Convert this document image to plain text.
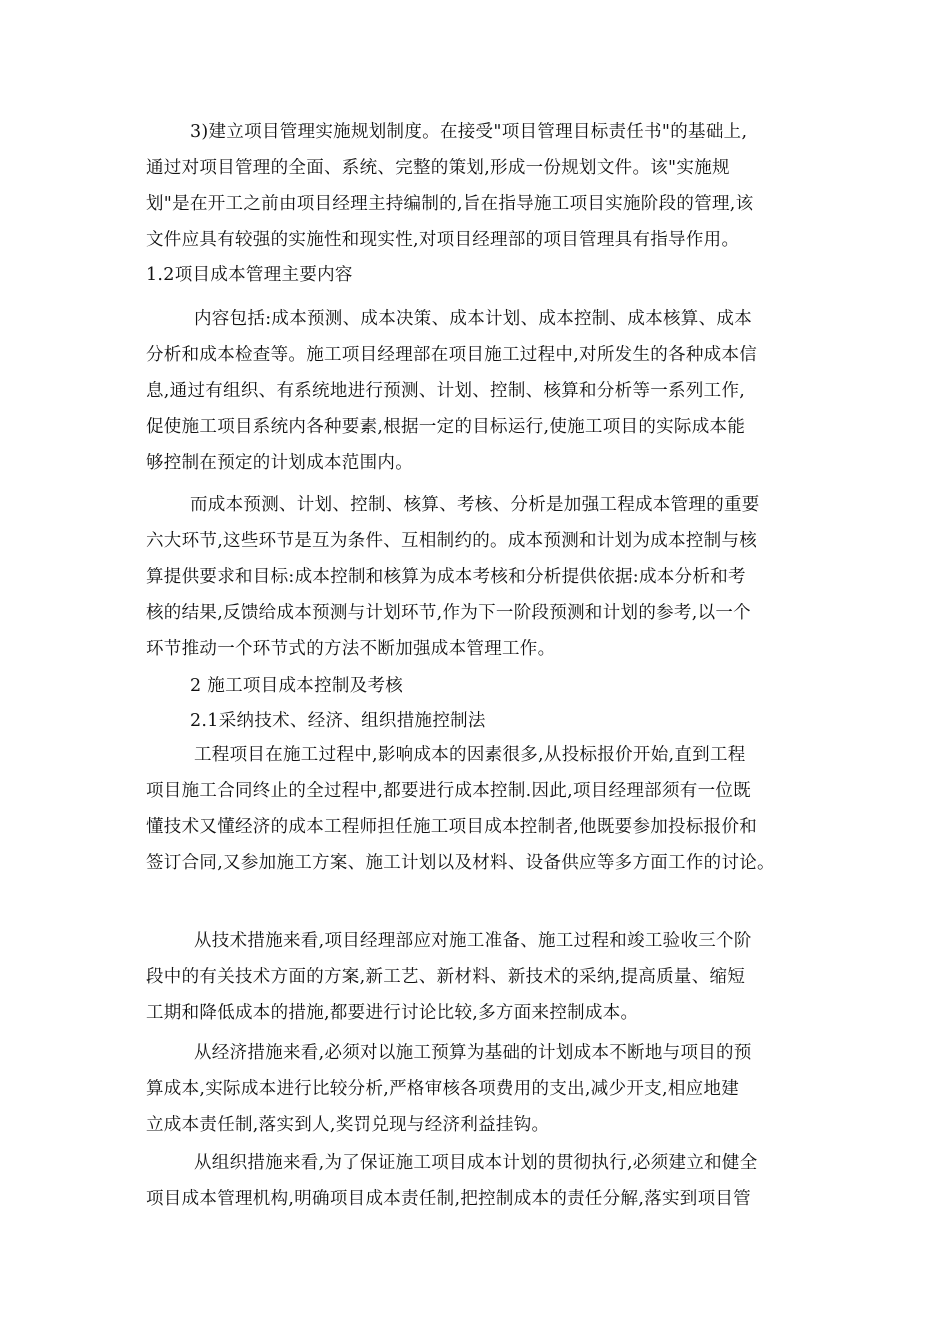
3)建立项目管理实施规划制度。在接受"项目管理目标责任书"的基础上,
通过对项目管理的全面、系统、完整的策划,形成一份规划文件。该"实施规
划"是在开工之前由项目经理主持编制的,旨在指导施工项目实施阶段的管理,该
文件应具有较强的实施性和现实性,对项目经理部的项目管理具有指导作用。
1.2项目成本管理主要内容
内容包括:成本预测、成本决策、成本计划、成本控制、成本核算、成本
分析和成本检查等。施工项目经理部在项目施工过程中,对所发生的各种成本信
息,通过有组织、有系统地进行预测、计划、控制、核算和分析等一系列工作,
促使施工项目系统内各种要素,根据一定的目标运行,使施工项目的实际成本能
够控制在预定的计划成本范围内。
而成本预测、计划、控制、核算、考核、分析是加强工程成本管理的重要
六大环节,这些环节是互为条件、互相制约的。成本预测和计划为成本控制与核
算提供要求和目标:成本控制和核算为成本考核和分析提供依据:成本分析和考
核的结果,反馈给成本预测与计划环节,作为下一阶段预测和计划的参考,以一个
环节推动一个环节式的方法不断加强成本管理工作。
2 施工项目成本控制及考核
2.1采纳技术、经济、组织措施控制法
工程项目在施工过程中,影响成本的因素很多,从投标报价开始,直到工程
项目施工合同终止的全过程中,都要进行成本控制.因此,项目经理部须有一位既
懂技术又懂经济的成本工程师担任施工项目成本控制者,他既要参加投标报价和
签订合同,又参加施工方案、施工计划以及材料、设备供应等多方面工作的讨论。
从技术措施来看,项目经理部应对施工准备、施工过程和竣工验收三个阶
段中的有关技术方面的方案,新工艺、新材料、新技术的采纳,提高质量、缩短
工期和降低成本的措施,都要进行讨论比较,多方面来控制成本。
从经济措施来看,必须对以施工预算为基础的计划成本不断地与项目的预
算成本,实际成本进行比较分析,严格审核各项费用的支出,减少开支,相应地建
立成本责任制,落实到人,奖罚兑现与经济利益挂钩。
从组织措施来看,为了保证施工项目成本计划的贯彻执行,必须建立和健全
项目成本管理机构,明确项目成本责任制,把控制成本的责任分解,落实到项目管
